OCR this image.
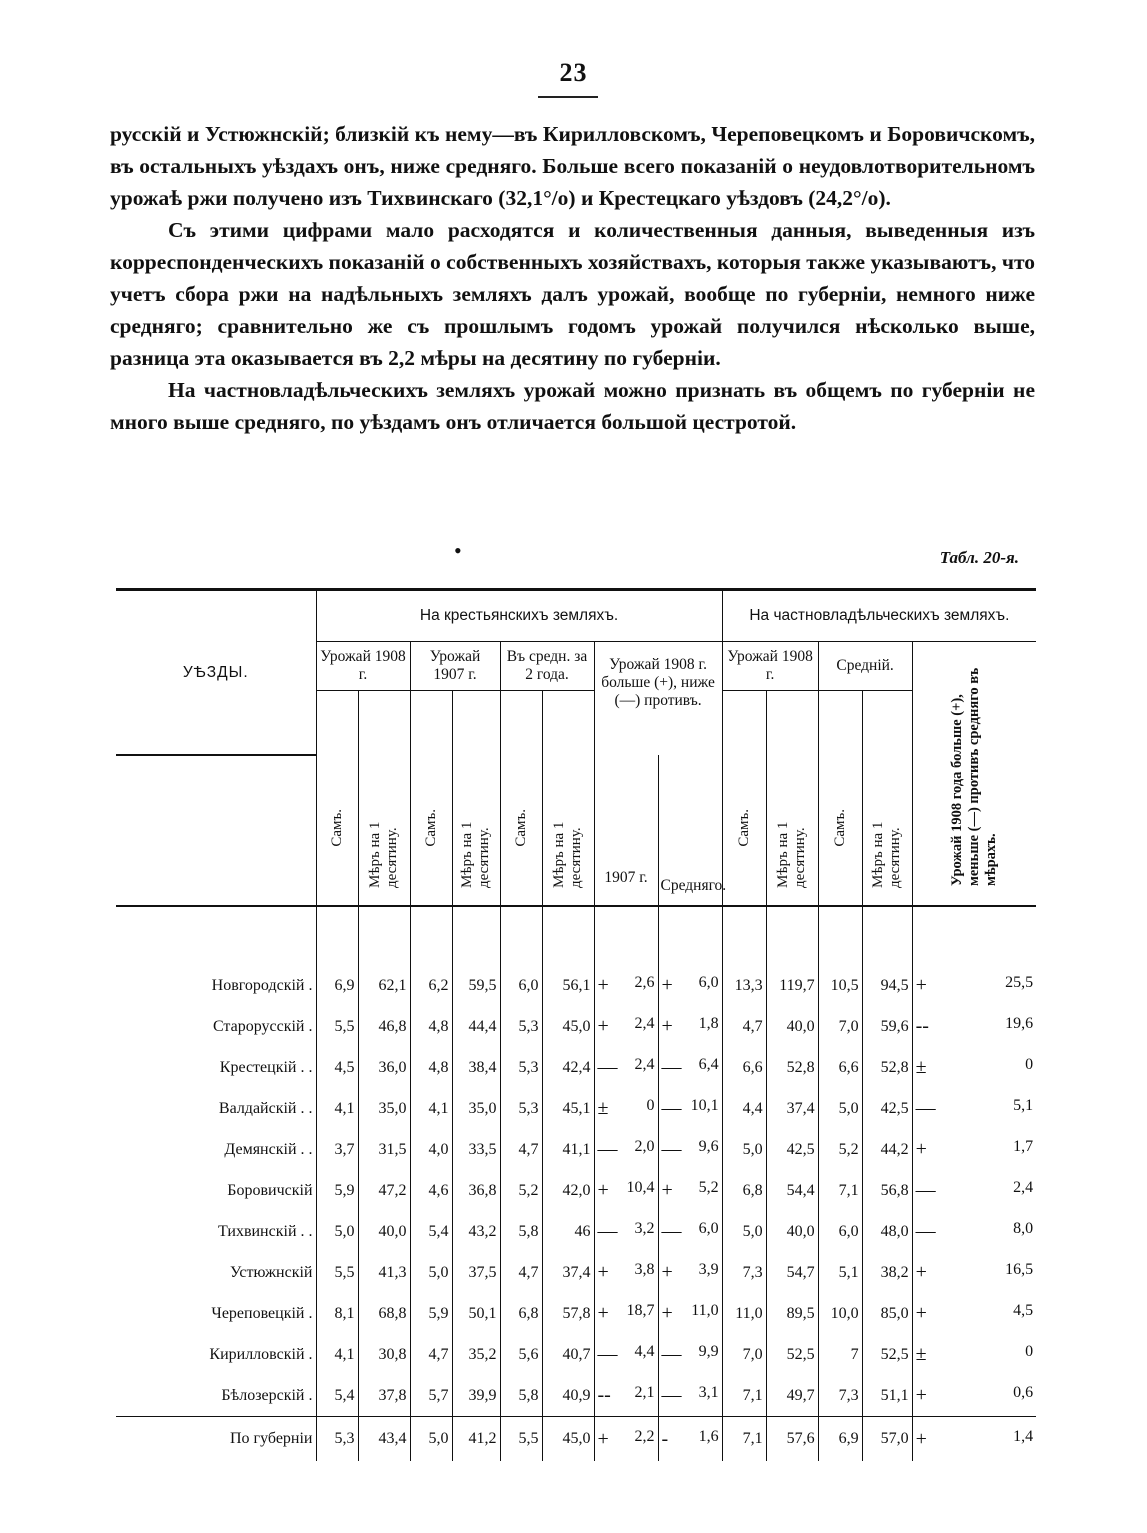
23

русскій и Устюжнскій; близкій къ нему—въ Кирилловскомъ, Череповецкомъ и Боровичскомъ, въ остальныхъ уѣздахъ онъ, ниже средняго. Больше всего показаній о неудовлотворительномъ урожаѣ ржи получено изъ Тихвинскаго (32,1°/o) и Крестецкаго уѣздовъ (24,2°/o).

Съ этими цифрами мало расходятся и количественныя данныя, выведенныя изъ корреспонденческихъ показаній о собственныхъ хозяйствахъ, которыя также указываютъ, что учетъ сбора ржи на надѣльныхъ земляхъ далъ урожай, вообще по губерніи, немного ниже средняго; сравнительно же съ прошлымъ годомъ урожай получился нѣсколько выше, разница эта оказывается въ 2,2 мѣры на десятину по губерніи.

На частновладѣльческихъ земляхъ урожай можно признать въ общемъ по губерніи не много выше средняго, по уѣздамъ онъ отличается большой цестротой.

•	Табл. 20-я.
УѢЗДЫ.	На крестьянскихъ земляхъ.								На частновладѣльческихъ земляхъ.				
	Урожай 1908 г.		Урожай 1907 г.		Въ средн. за 2 года.		Урожай 1908 г. больше (+), ниже (—) противъ.		Урожай 1908 г.		Средній.		Урожай 1908 года больше (+), меньше (—) противъ средняго въ мѣрахъ.

	Самъ.	Мѣръ на 1 десятину.	Самъ.	Мѣръ на 1 десятину.	Самъ.	Мѣръ на 1 десятину.	1907 г.	Средняго.	Самъ.	Мѣръ на 1 десятину.	Самъ.	Мѣръ на 1 десятину.	

Новгородскій .	6,9	62,1	6,2	59,5	6,0	56,1	+ 2,6	+ 6,0	13,3	119,7	10,5	94,5	+ 25,5

Старорусскій .	5,5	46,8	4,8	44,4	5,3	45,0	+ 2,4	+ 1,8	4,7	40,0	7,0	59,6	-- 19,6

Крестецкій . .	4,5	36,0	4,8	38,4	5,3	42,4	— 2,4	— 6,4	6,6	52,8	6,6	52,8	± 0

Валдайскій . .	4,1	35,0	4,1	35,0	5,3	45,1	± 0	— 10,1	4,4	37,4	5,0	42,5	— 5,1

Демянскій . .	3,7	31,5	4,0	33,5	4,7	41,1	— 2,0	— 9,6	5,0	42,5	5,2	44,2	+ 1,7

Боровичскій	5,9	47,2	4,6	36,8	5,2	42,0	+ 10,4	+ 5,2	6,8	54,4	7,1	56,8	— 2,4

Тихвинскій . .	5,0	40,0	5,4	43,2	5,8	46	— 3,2	— 6,0	5,0	40,0	6,0	48,0	— 8,0

Устюжнскій	5,5	41,3	5,0	37,5	4,7	37,4	+ 3,8	+ 3,9	7,3	54,7	5,1	38,2	+ 16,5

Череповецкій .	8,1	68,8	5,9	50,1	6,8	57,8	+ 18,7	+ 11,0	11,0	89,5	10,0	85,0	+ 4,5

Кирилловскій .	4,1	30,8	4,7	35,2	5,6	40,7	— 4,4	— 9,9	7,0	52,5	7	52,5	± 0

Бѣлозерскій .	5,4	37,8	5,7	39,9	5,8	40,9	-- 2,1	— 3,1	7,1	49,7	7,3	51,1	+ 0,6

По губерніи	5,3	43,4	5,0	41,2	5,5	45,0	+ 2,2	- 1,6	7,1	57,6	6,9	57,0	+ 1,4
